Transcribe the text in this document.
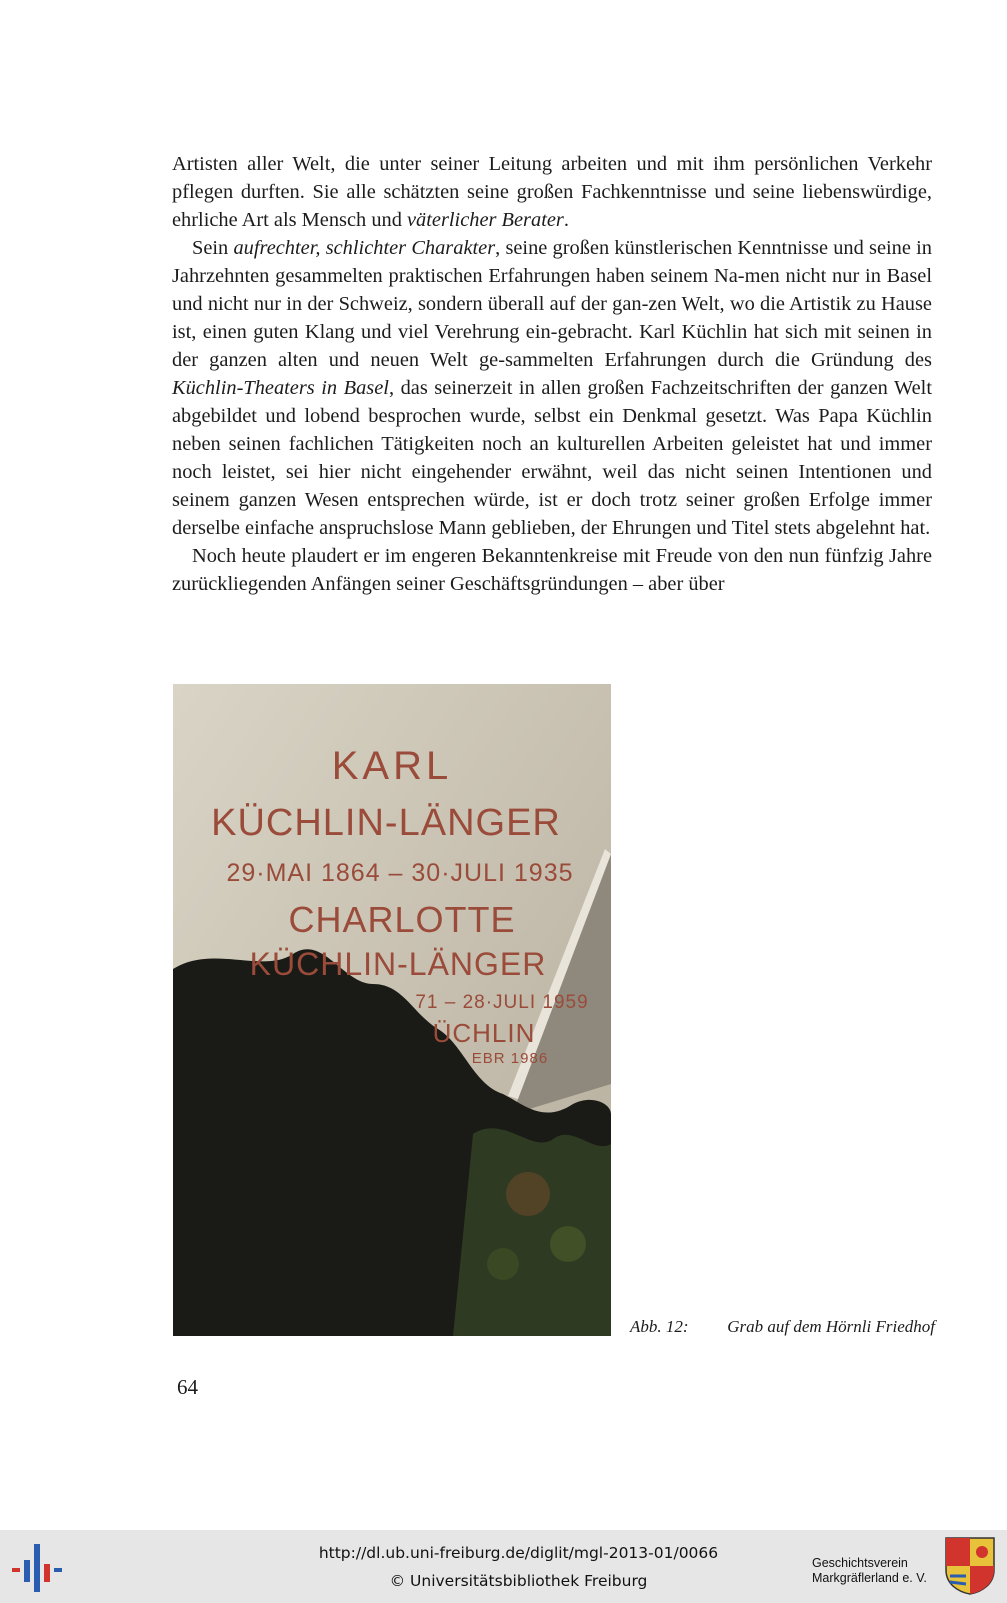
Artisten aller Welt, die unter seiner Leitung arbeiten und mit ihm persönlichen Verkehr pflegen durften. Sie alle schätzten seine großen Fachkenntnisse und seine liebenswürdige, ehrliche Art als Mensch und väterlicher Berater.

Sein aufrechter, schlichter Charakter, seine großen künstlerischen Kenntnisse und seine in Jahrzehnten gesammelten praktischen Erfahrungen haben seinem Na-men nicht nur in Basel und nicht nur in der Schweiz, sondern überall auf der gan-zen Welt, wo die Artistik zu Hause ist, einen guten Klang und viel Verehrung ein-gebracht. Karl Küchlin hat sich mit seinen in der ganzen alten und neuen Welt ge-sammelten Erfahrungen durch die Gründung des Küchlin-Theaters in Basel, das seinerzeit in allen großen Fachzeitschriften der ganzen Welt abgebildet und lobend besprochen wurde, selbst ein Denkmal gesetzt. Was Papa Küchlin neben seinen fachlichen Tätigkeiten noch an kulturellen Arbeiten geleistet hat und immer noch leistet, sei hier nicht eingehender erwähnt, weil das nicht seinen Intentionen und seinem ganzen Wesen entsprechen würde, ist er doch trotz seiner großen Erfolge immer derselbe einfache anspruchslose Mann geblieben, der Ehrungen und Titel stets abgelehnt hat.

Noch heute plaudert er im engeren Bekanntenkreise mit Freude von den nun fünfzig Jahre zurückliegenden Anfängen seiner Geschäftsgründungen – aber über

KARL
KÜCHLIN-LÄNGER
29·MAI 1864 – 30·JULI 1935
CHARLOTTE
KÜCHLIN-LÄNGER
71 – 28·JULI 1959
ÜCHLIN
EBR 1986
Abb. 12: Grab auf dem Hörnli Friedhof
64
http://dl.ub.uni-freiburg.de/diglit/mgl-2013-01/0066
© Universitätsbibliothek Freiburg
Geschichtsverein
Markgräflerland e. V.
